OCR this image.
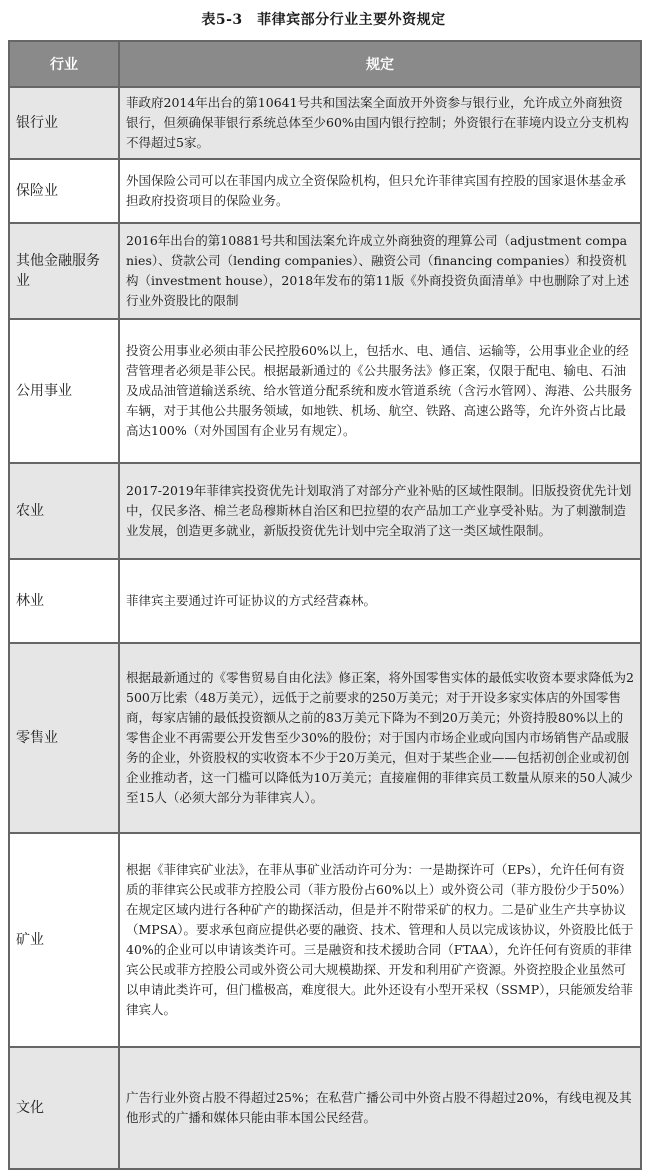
表5-3　菲律宾部分行业主要外资规定
行业	规定
银行业	菲政府2014年出台的第10641号共和国法案全面放开外资参与银行业，允许成立外商独资银行，但须确保菲银行系统总体至少60%由国内银行控制；外资银行在菲境内设立分支机构不得超过5家。
保险业	外国保险公司可以在菲国内成立全资保险机构，但只允许菲律宾国有控股的国家退休基金承担政府投资项目的保险业务。
其他金融服务业	2016年出台的第10881号共和国法案允许成立外商独资的理算公司（adjustment companies）、贷款公司（lending companies）、融资公司（financing companies）和投资机构（investment house），2018年发布的第11版《外商投资负面清单》中也删除了对上述行业外资股比的限制
公用事业	投资公用事业必须由菲公民控股60%以上，包括水、电、通信、运输等，公用事业企业的经营管理者必须是菲公民。根据最新通过的《公共服务法》修正案，仅限于配电、输电、石油及成品油管道输送系统、给水管道分配系统和废水管道系统（含污水管网）、海港、公共服务车辆，对于其他公共服务领域，如地铁、机场、航空、铁路、高速公路等，允许外资占比最高达100%（对外国国有企业另有规定）。
农业	2017-2019年菲律宾投资优先计划取消了对部分产业补贴的区域性限制。旧版投资优先计划中，仅民多洛、棉兰老岛穆斯林自治区和巴拉望的农产品加工产业享受补贴。为了刺激制造业发展，创造更多就业，新版投资优先计划中完全取消了这一类区域性限制。
林业	菲律宾主要通过许可证协议的方式经营森林。
零售业	根据最新通过的《零售贸易自由化法》修正案，将外国零售实体的最低实收资本要求降低为2500万比索（48万美元），远低于之前要求的250万美元；对于开设多家实体店的外国零售商，每家店铺的最低投资额从之前的83万美元下降为不到20万美元；外资持股80%以上的零售企业不再需要公开发售至少30%的股份；对于国内市场企业或向国内市场销售产品或服务的企业，外资股权的实收资本不少于20万美元，但对于某些企业——包括初创企业或初创企业推动者，这一门槛可以降低为10万美元；直接雇佣的菲律宾员工数量从原来的50人减少至15人（必须大部分为菲律宾人）。
矿业	根据《菲律宾矿业法》，在菲从事矿业活动许可分为：一是勘探许可（EPs），允许任何有资质的菲律宾公民或菲方控股公司（菲方股份占60%以上）或外资公司（菲方股份少于50%）在规定区域内进行各种矿产的勘探活动，但是并不附带采矿的权力。二是矿业生产共享协议（MPSA）。要求承包商应提供必要的融资、技术、管理和人员以完成该协议，外资股比低于40%的企业可以申请该类许可。三是融资和技术援助合同（FTAA），允许任何有资质的菲律宾公民或菲方控股公司或外资公司大规模勘探、开发和利用矿产资源。外资控股企业虽然可以申请此类许可，但门槛极高，难度很大。此外还设有小型开采权（SSMP），只能颁发给菲律宾人。
文化	广告行业外资占股不得超过25%；在私营广播公司中外资占股不得超过20%，有线电视及其他形式的广播和媒体只能由菲本国公民经营。
